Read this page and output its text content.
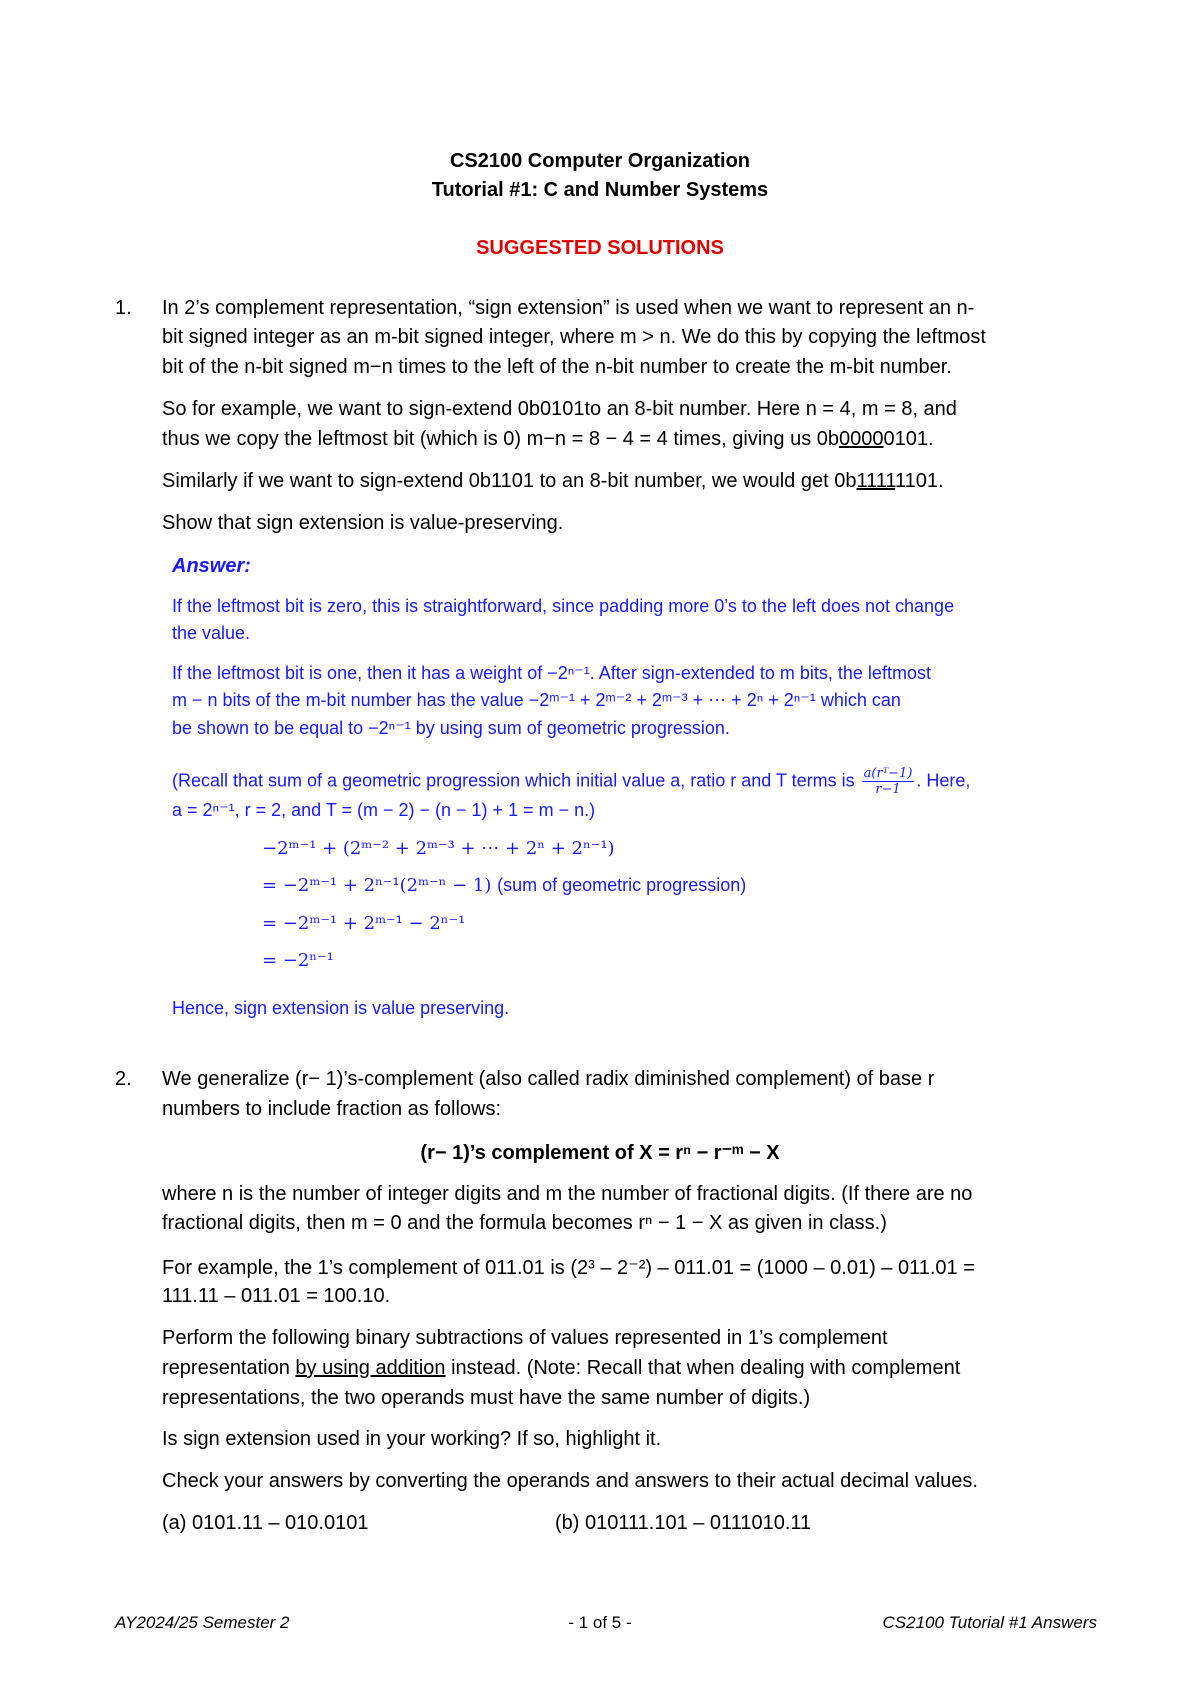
CS2100 Computer Organization
Tutorial #1: C and Number Systems
SUGGESTED SOLUTIONS
1. In 2’s complement representation, “sign extension” is used when we want to represent an n-
bit signed integer as an m-bit signed integer, where m > n. We do this by copying the leftmost
bit of the n-bit signed m−n times to the left of the n-bit number to create the m-bit number.
So for example, we want to sign-extend 0b0101to an 8-bit number. Here n = 4, m = 8, and
thus we copy the leftmost bit (which is 0) m−n = 8 − 4 = 4 times, giving us 0b00000101.
Similarly if we want to sign-extend 0b1101 to an 8-bit number, we would get 0b11111101.
Show that sign extension is value-preserving.
Answer:
If the leftmost bit is zero, this is straightforward, since padding more 0’s to the left does not change
the value.
If the leftmost bit is one, then it has a weight of −2ⁿ⁻¹. After sign-extended to m bits, the leftmost
m − n bits of the m-bit number has the value −2ᵐ⁻¹ + 2ᵐ⁻² + 2ᵐ⁻³ + ⋯ + 2ⁿ + 2ⁿ⁻¹ which can
be shown to be equal to −2ⁿ⁻¹ by using sum of geometric progression.
(Recall that sum of a geometric progression which initial value a, ratio r and T terms is $\frac{\text{a(rᵀ−1)}}{r-1}$ . Here,
a = 2ⁿ⁻¹, r = 2, and T = (m − 2) − (n − 1) + 1 = m − n.)
−2ᵐ⁻¹ + (2ᵐ⁻² + 2ᵐ⁻³ + ⋯ + 2ⁿ + 2ⁿ⁻¹)
= −2ᵐ⁻¹ + 2ⁿ⁻¹(2ᵐ⁻ⁿ − 1) (sum of geometric progression)
= −2ᵐ⁻¹ + 2ᵐ⁻¹ − 2ⁿ⁻¹
= −2ⁿ⁻¹
Hence, sign extension is value preserving.
2. We generalize (r− 1)’s-complement (also called radix diminished complement) of base r
numbers to include fraction as follows:
(r− 1)’s complement of X = rⁿ − r⁻ᵐ − X
where n is the number of integer digits and m the number of fractional digits. (If there are no
fractional digits, then m = 0 and the formula becomes rⁿ − 1 − X as given in class.)
For example, the 1’s complement of 011.01 is (2³ – 2⁻²) – 011.01 = (1000 – 0.01) – 011.01 =
111.11 – 011.01 = 100.10.
Perform the following binary subtractions of values represented in 1’s complement
representation by using addition instead. (Note: Recall that when dealing with complement
representations, the two operands must have the same number of digits.)
Is sign extension used in your working? If so, highlight it.
Check your answers by converting the operands and answers to their actual decimal values.
(a) 0101.11 – 010.0101	(b) 010111.101 – 0111010.11
AY2024/25 Semester 2	- 1 of 5 -	CS2100 Tutorial #1 Answers
